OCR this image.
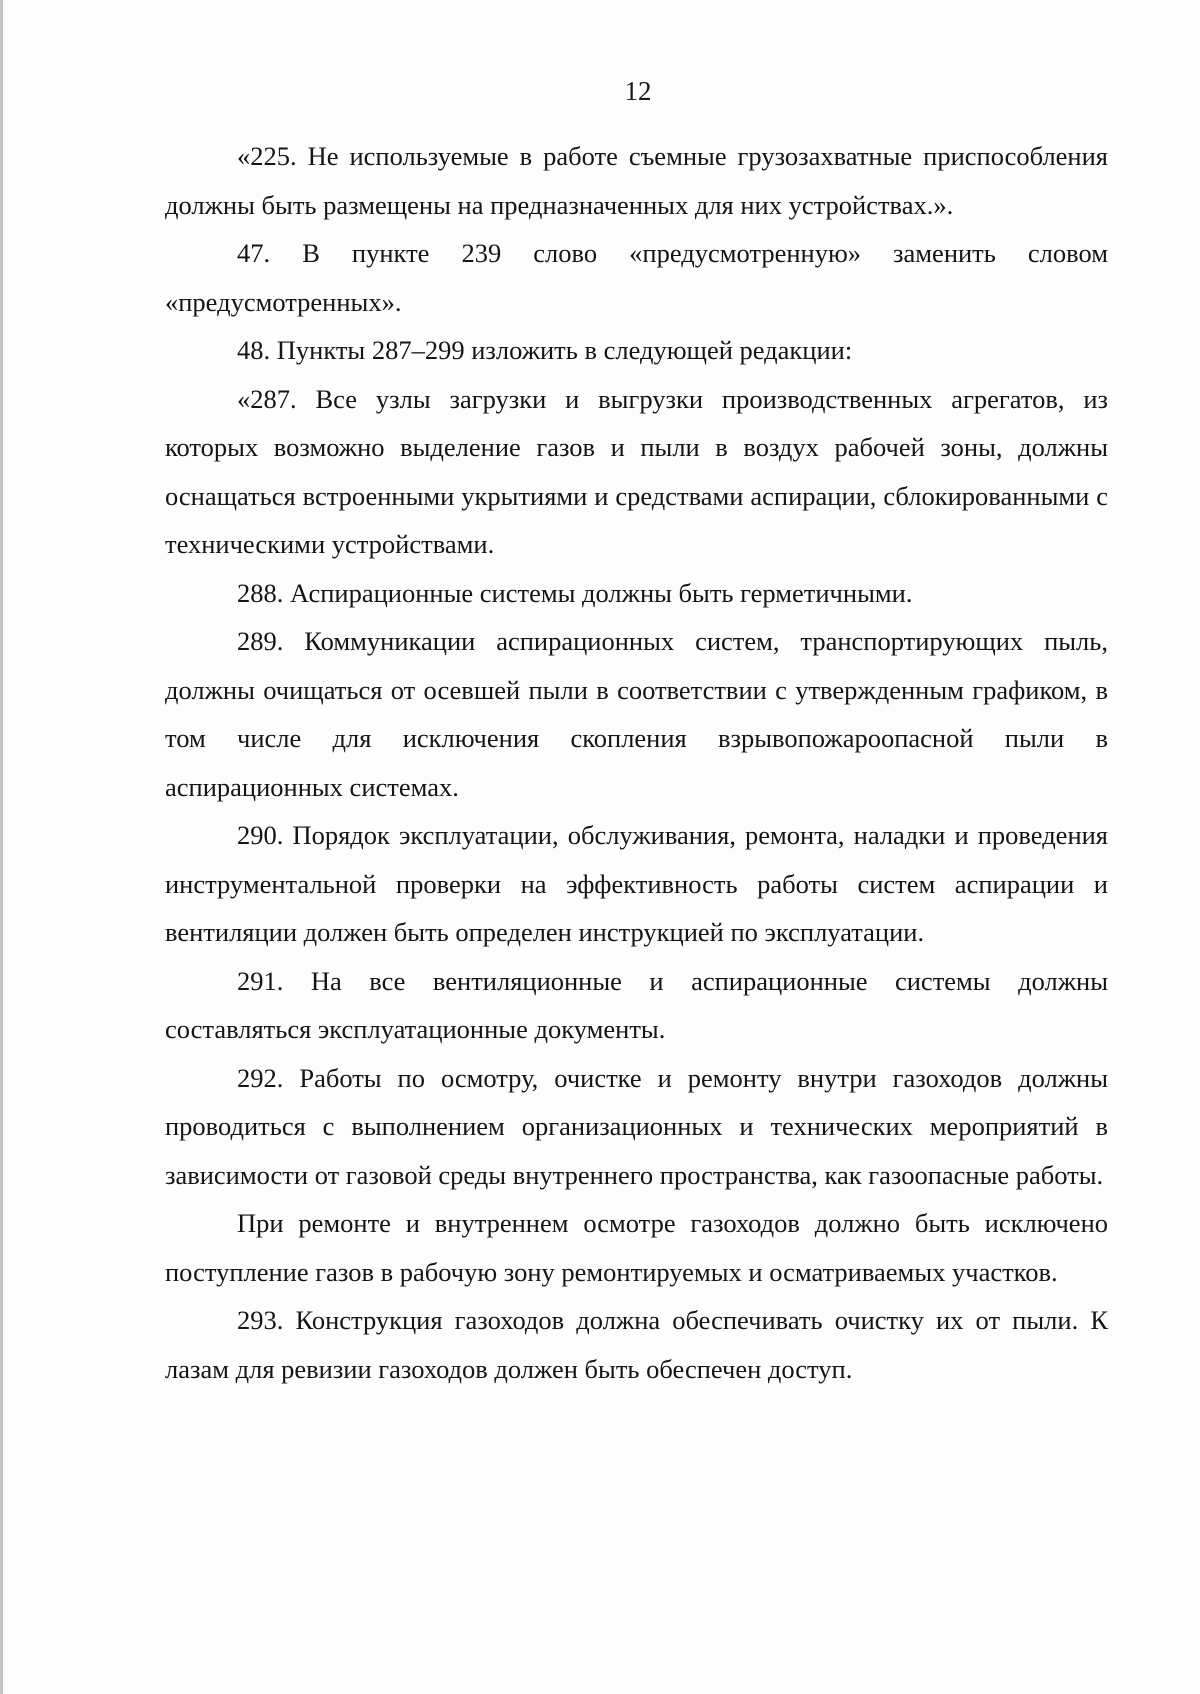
12

«225. Не используемые в работе съемные грузозахватные приспособления должны быть размещены на предназначенных для них устройствах.».

47. В пункте 239 слово «предусмотренную» заменить словом «предусмотренных».

48. Пункты 287–299 изложить в следующей редакции:

«287. Все узлы загрузки и выгрузки производственных агрегатов, из которых возможно выделение газов и пыли в воздух рабочей зоны, должны оснащаться встроенными укрытиями и средствами аспирации, сблокированными с техническими устройствами.

288. Аспирационные системы должны быть герметичными.

289. Коммуникации аспирационных систем, транспортирующих пыль, должны очищаться от осевшей пыли в соответствии с утвержденным графиком, в том числе для исключения скопления взрывопожароопасной пыли в аспирационных системах.

290. Порядок эксплуатации, обслуживания, ремонта, наладки и проведения инструментальной проверки на эффективность работы систем аспирации и вентиляции должен быть определен инструкцией по эксплуатации.

291. На все вентиляционные и аспирационные системы должны составляться эксплуатационные документы.

292. Работы по осмотру, очистке и ремонту внутри газоходов должны проводиться с выполнением организационных и технических мероприятий в зависимости от газовой среды внутреннего пространства, как газоопасные работы.

При ремонте и внутреннем осмотре газоходов должно быть исключено поступление газов в рабочую зону ремонтируемых и осматриваемых участков.

293. Конструкция газоходов должна обеспечивать очистку их от пыли. К лазам для ревизии газоходов должен быть обеспечен доступ.
